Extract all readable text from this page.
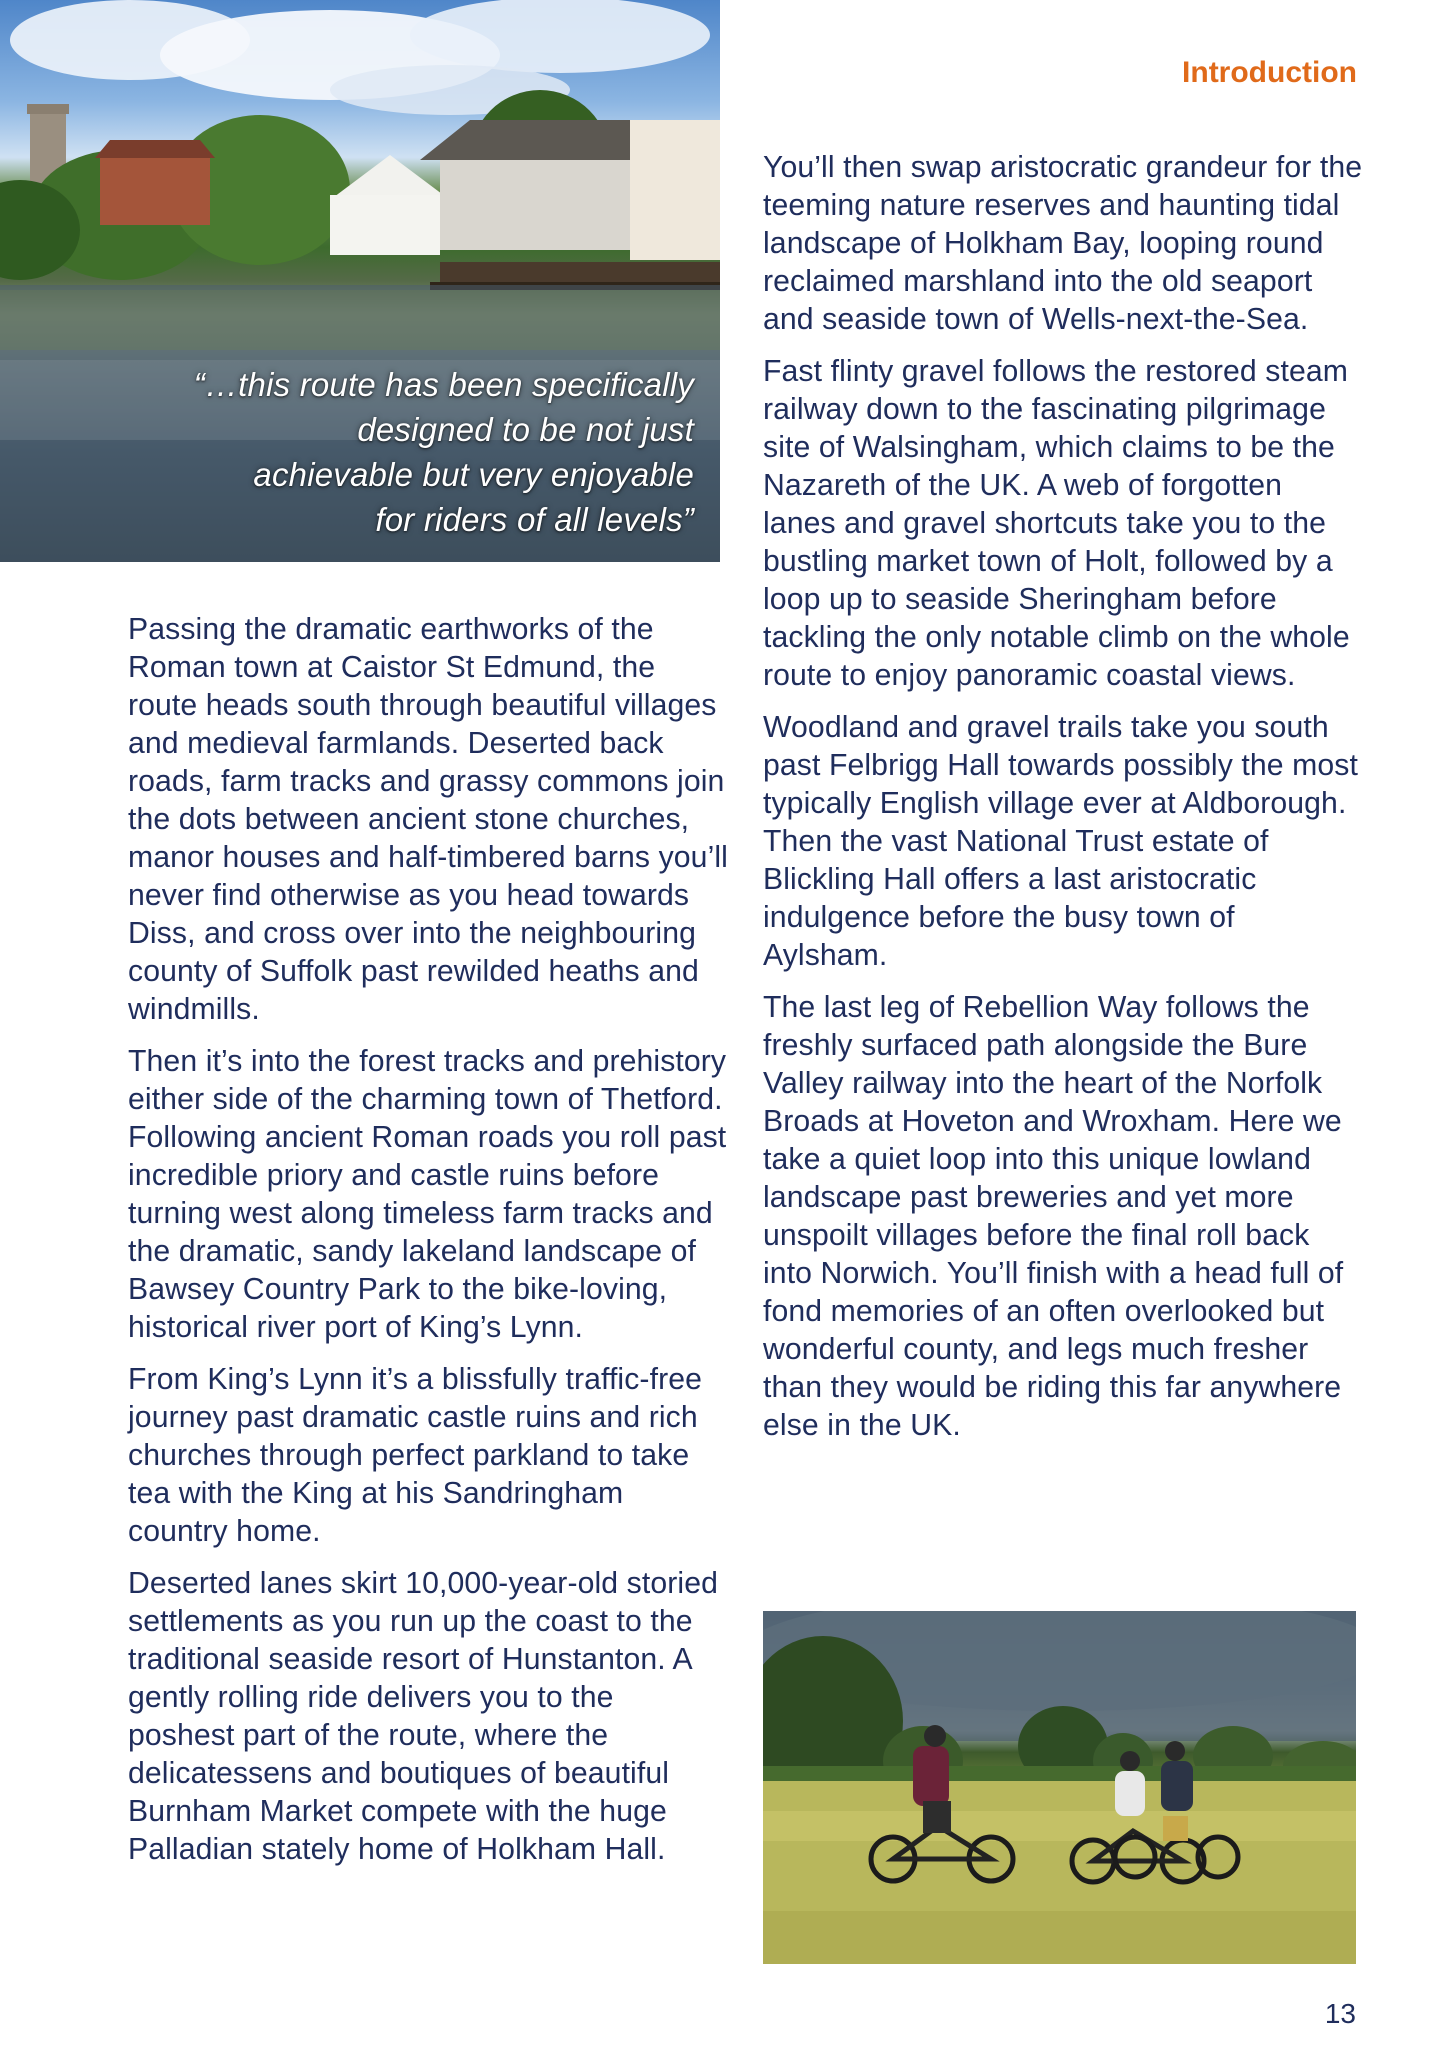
“…this route has been specifically
designed to be not just
achievable but very enjoyable
for riders of all levels”
Introduction

Passing the dramatic earthworks of the Roman town at Caistor St Edmund, the route heads south through beautiful villages and medieval farmlands. Deserted back roads, farm tracks and grassy commons join the dots between ancient stone churches, manor houses and half-timbered barns you’ll never find otherwise as you head towards Diss, and cross over into the neighbouring county of Suffolk past rewilded heaths and windmills.

Then it’s into the forest tracks and prehistory either side of the charming town of Thetford. Following ancient Roman roads you roll past incredible priory and castle ruins before turning west along timeless farm tracks and the dramatic, sandy lakeland landscape of Bawsey Country Park to the bike-loving, historical river port of King’s Lynn.

From King’s Lynn it’s a blissfully traffic-free journey past dramatic castle ruins and rich churches through perfect parkland to take tea with the King at his Sandringham country home.

Deserted lanes skirt 10,000-year-old storied settlements as you run up the coast to the traditional seaside resort of Hunstanton. A gently rolling ride delivers you to the poshest part of the route, where the delicatessens and boutiques of beautiful Burnham Market compete with the huge Palladian stately home of Holkham Hall.

You’ll then swap aristocratic grandeur for the teeming nature reserves and haunting tidal landscape of Holkham Bay, looping round reclaimed marshland into the old seaport and seaside town of Wells-next-the-Sea.

Fast flinty gravel follows the restored steam railway down to the fascinating pilgrimage site of Walsingham, which claims to be the Nazareth of the UK. A web of forgotten lanes and gravel shortcuts take you to the bustling market town of Holt, followed by a loop up to seaside Sheringham before tackling the only notable climb on the whole route to enjoy panoramic coastal views.

Woodland and gravel trails take you south past Felbrigg Hall towards possibly the most typically English village ever at Aldborough. Then the vast National Trust estate of Blickling Hall offers a last aristocratic indulgence before the busy town of Aylsham.

The last leg of Rebellion Way follows the freshly surfaced path alongside the Bure Valley railway into the heart of the Norfolk Broads at Hoveton and Wroxham. Here we take a quiet loop into this unique lowland landscape past breweries and yet more unspoilt villages before the final roll back into Norwich. You’ll finish with a head full of fond memories of an often overlooked but wonderful county, and legs much fresher than they would be riding this far anywhere else in the UK.

13
